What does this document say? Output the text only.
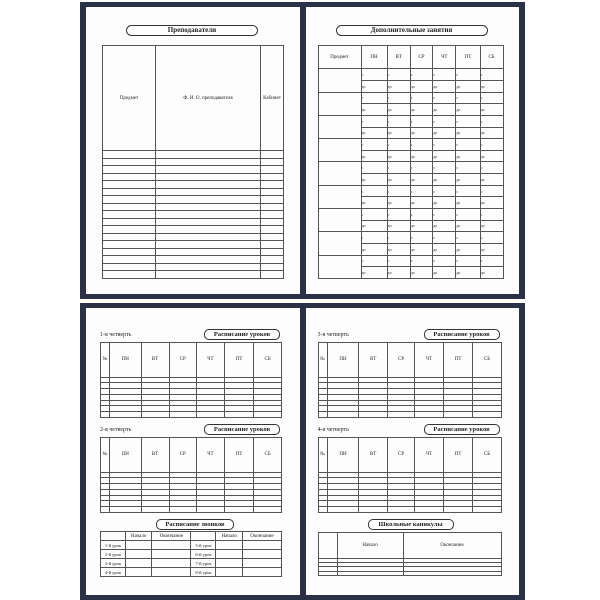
Преподаватели
Предмет	Ф. И. О. преподавателя	Кабинет

Дополнительные занятия
Предмет	ПН	ВТ	СР	ЧТ	ПТ	СБ
	с	с	с	с	с	с
	до	до	до	до	до	до
	с	с	с	с	с	с
	до	до	до	до	до	до
	с	с	с	с	с	с
	до	до	до	до	до	до
	с	с	с	с	с	с
	до	до	до	до	до	до
	с	с	с	с	с	с
	до	до	до	до	до	до
	с	с	с	с	с	с
	до	до	до	до	до	до
	с	с	с	с	с	с
	до	до	до	до	до	до
	с	с	с	с	с	с
	до	до	до	до	до	до
	с	с	с	с	с	с
	до	до	до	до	до	до
1-я четверть	Расписание уроков
№	ПН	ВТ	СР	ЧТ	ПТ	СБ

2-я четверть	Расписание уроков
№	ПН	ВТ	СР	ЧТ	ПТ	СБ

Расписание звонков
	Начало	Окончание		Начало	Окончание
1-й урок			5-й урок		
2-й урок			6-й урок		
3-й урок			7-й урок		
4-й урок			8-й урок		
3-я четверть	Расписание уроков
№	ПН	ВТ	СР	ЧТ	ПТ	СБ

4-я четверть	Расписание уроков
№	ПН	ВТ	СР	ЧТ	ПТ	СБ

Школьные каникулы
	Начало	Окончание
